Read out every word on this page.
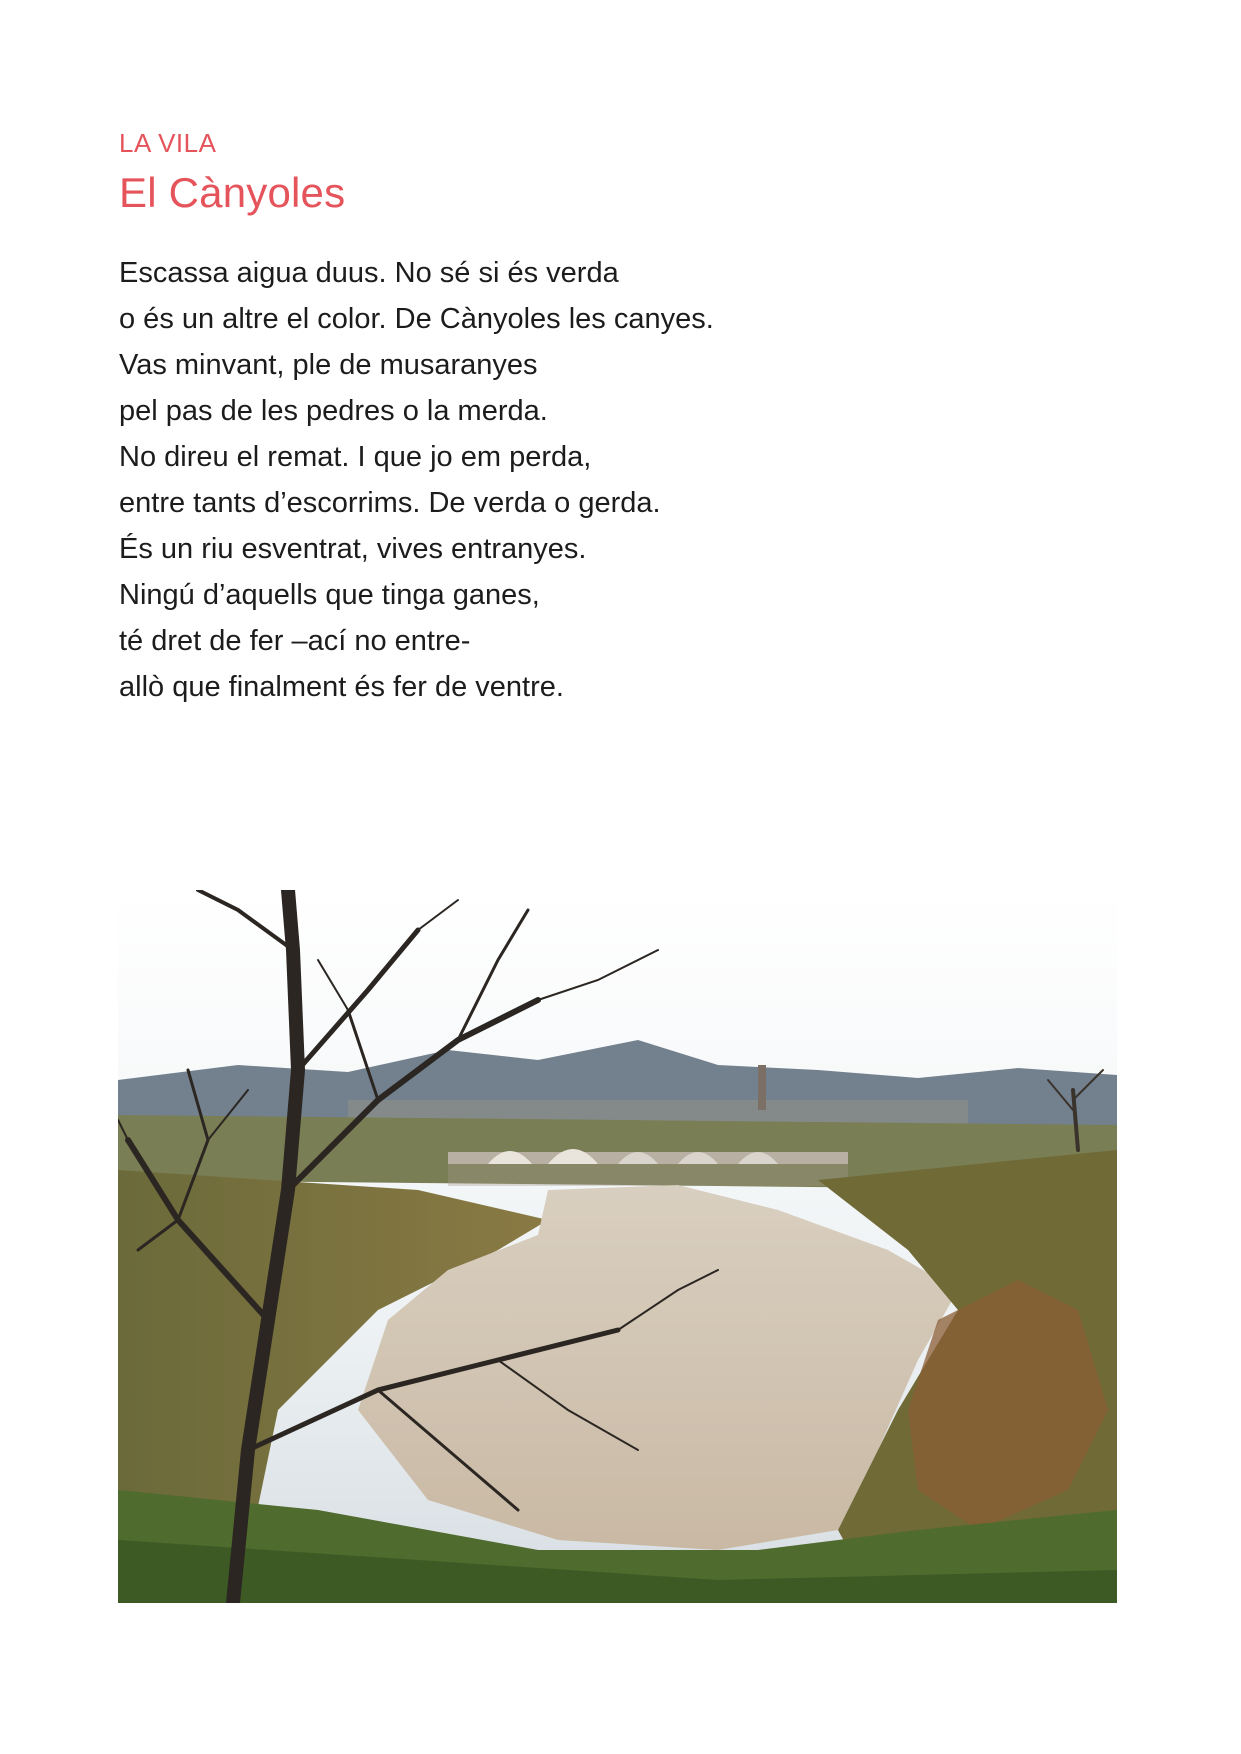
LA VILA
El Cànyoles
Escassa aigua duus. No sé si és verda
o és un altre el color. De Cànyoles les canyes.
Vas minvant, ple de musaranyes
pel pas de les pedres o la merda.
No direu el remat. I que jo em perda,
entre tants d’escorrims. De verda o gerda.
És un riu esventrat, vives entranyes.
Ningú d’aquells que tinga ganes,
té dret de fer –ací no entre-
allò que finalment és fer de ventre.
